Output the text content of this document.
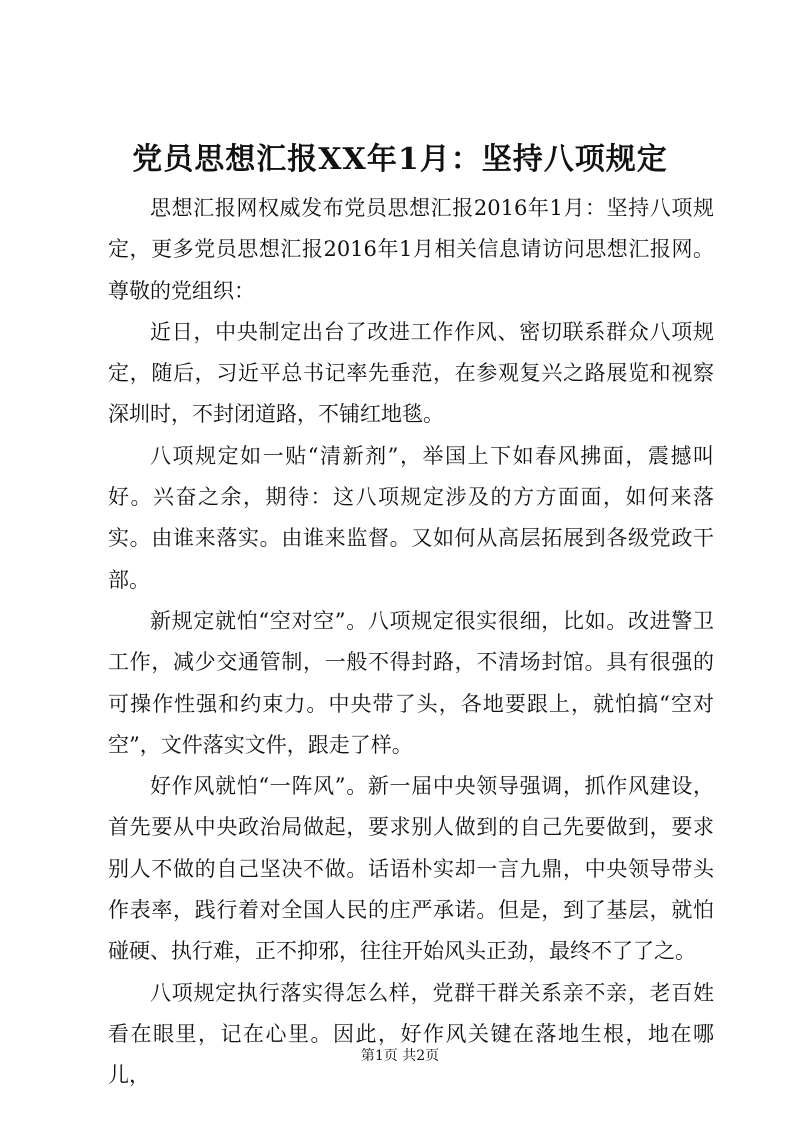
党员思想汇报XX年1月：坚持八项规定

思想汇报网权威发布党员思想汇报2016年1月：坚持八项规定，更多党员思想汇报2016年1月相关信息请访问思想汇报网。尊敬的党组织：

近日，中央制定出台了改进工作作风、密切联系群众八项规定，随后，习近平总书记率先垂范，在参观复兴之路展览和视察深圳时，不封闭道路，不铺红地毯。

八项规定如一贴“清新剂”，举国上下如春风拂面，震撼叫好。兴奋之余，期待：这八项规定涉及的方方面面，如何来落实。由谁来落实。由谁来监督。又如何从高层拓展到各级党政干部。

新规定就怕“空对空”。八项规定很实很细，比如。改进警卫工作，减少交通管制，一般不得封路，不清场封馆。具有很强的可操作性强和约束力。中央带了头，各地要跟上，就怕搞“空对空”，文件落实文件，跟走了样。

好作风就怕“一阵风”。新一届中央领导强调，抓作风建设，首先要从中央政治局做起，要求别人做到的自己先要做到，要求别人不做的自己坚决不做。话语朴实却一言九鼎，中央领导带头作表率，践行着对全国人民的庄严承诺。但是，到了基层，就怕碰硬、执行难，正不抑邪，往往开始风头正劲，最终不了了之。

八项规定执行落实得怎么样，党群干群关系亲不亲，老百姓看在眼里，记在心里。因此，好作风关键在落地生根，地在哪儿，

第1页 共2页
